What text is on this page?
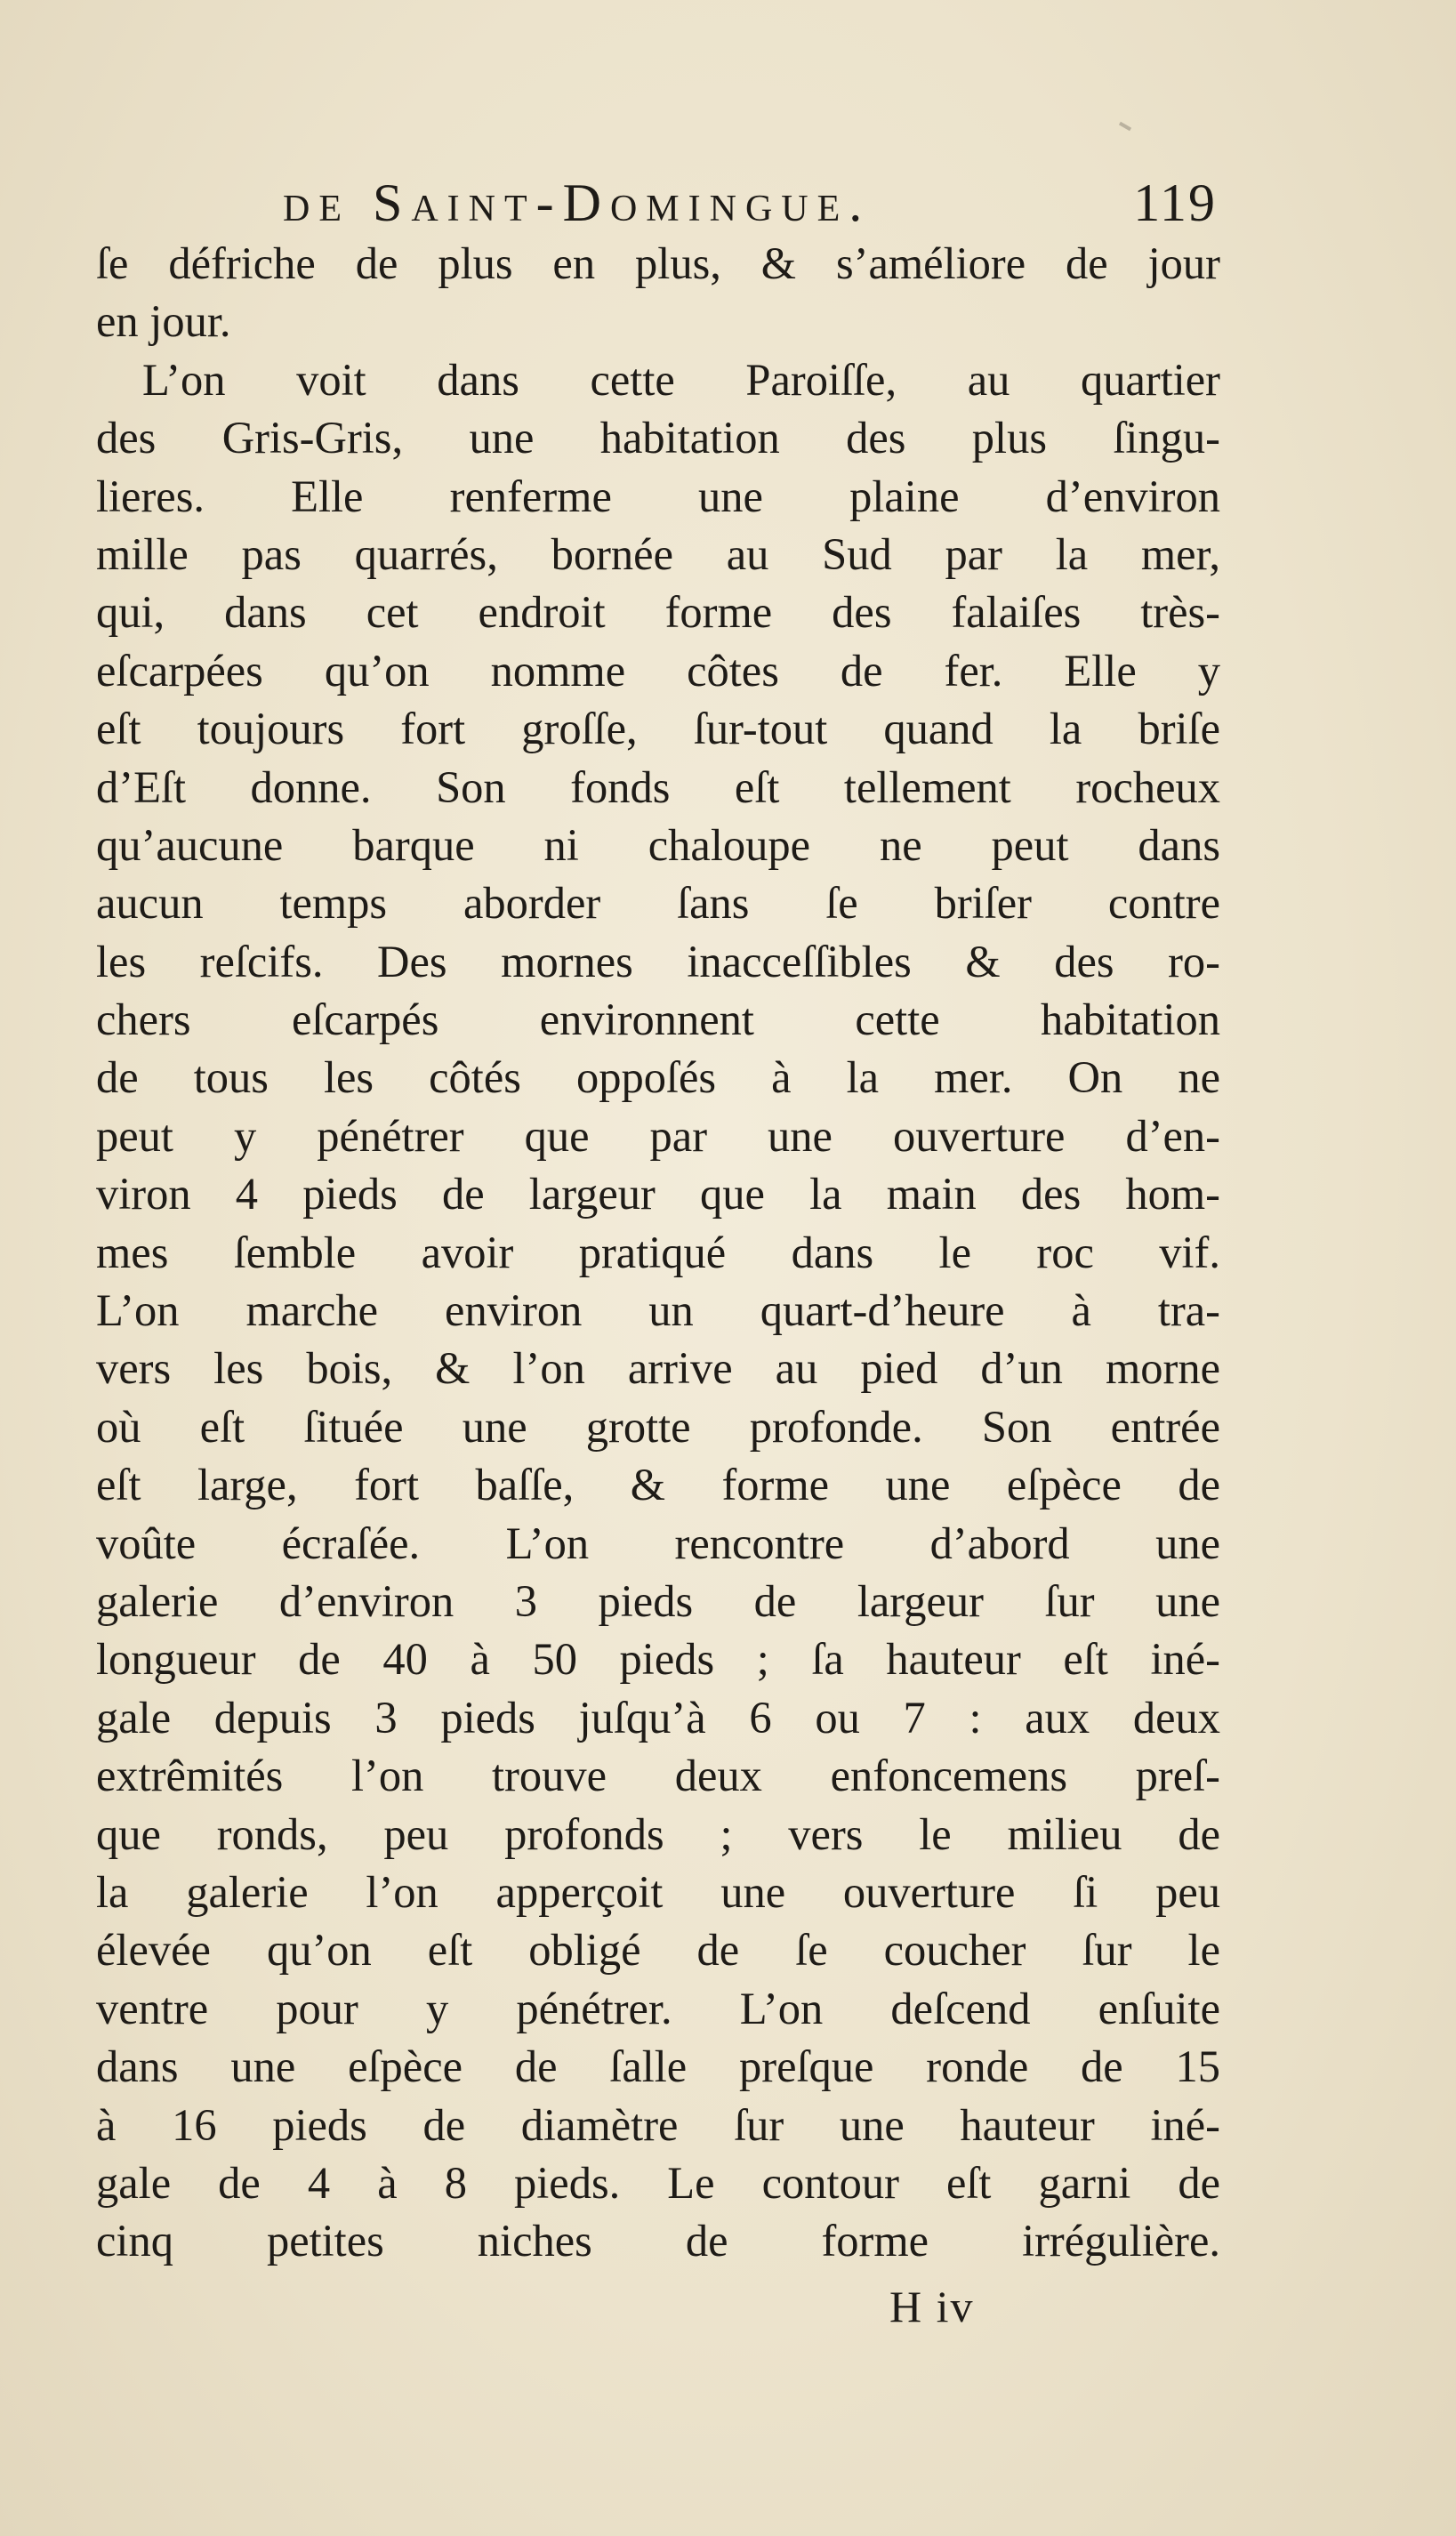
de Saint-Domingue.	119
ſe défriche de plus en plus, & s’améliore de jour
en jour.
L’on voit dans cette Paroiſſe, au quartier
des Gris-Gris, une habitation des plus ſingu-
lieres. Elle renferme une plaine d’environ
mille pas quarrés, bornée au Sud par la mer,
qui, dans cet endroit forme des falaiſes très-
eſcarpées qu’on nomme côtes de fer. Elle y
eſt toujours fort groſſe, ſur-tout quand la briſe
d’Eſt donne. Son fonds eſt tellement rocheux
qu’aucune barque ni chaloupe ne peut dans
aucun temps aborder ſans ſe briſer contre
les reſcifs. Des mornes inacceſſibles & des ro-
chers eſcarpés environnent cette habitation
de tous les côtés oppoſés à la mer. On ne
peut y pénétrer que par une ouverture d’en-
viron 4 pieds de largeur que la main des hom-
mes ſemble avoir pratiqué dans le roc vif.
L’on marche environ un quart-d’heure à tra-
vers les bois, & l’on arrive au pied d’un morne
où eſt ſituée une grotte profonde. Son entrée
eſt large, fort baſſe, & forme une eſpèce de
voûte écraſée. L’on rencontre d’abord une
galerie d’environ 3 pieds de largeur ſur une
longueur de 40 à 50 pieds ; ſa hauteur eſt iné-
gale depuis 3 pieds juſqu’à 6 ou 7 : aux deux
extrêmités l’on trouve deux enfoncemens preſ-
que ronds, peu profonds ; vers le milieu de
la galerie l’on apperçoit une ouverture ſi peu
élevée qu’on eſt obligé de ſe coucher ſur le
ventre pour y pénétrer. L’on deſcend enſuite
dans une eſpèce de ſalle preſque ronde de 15
à 16 pieds de diamètre ſur une hauteur iné-
gale de 4 à 8 pieds. Le contour eſt garni de
cinq petites niches de forme irrégulière.
H iv
